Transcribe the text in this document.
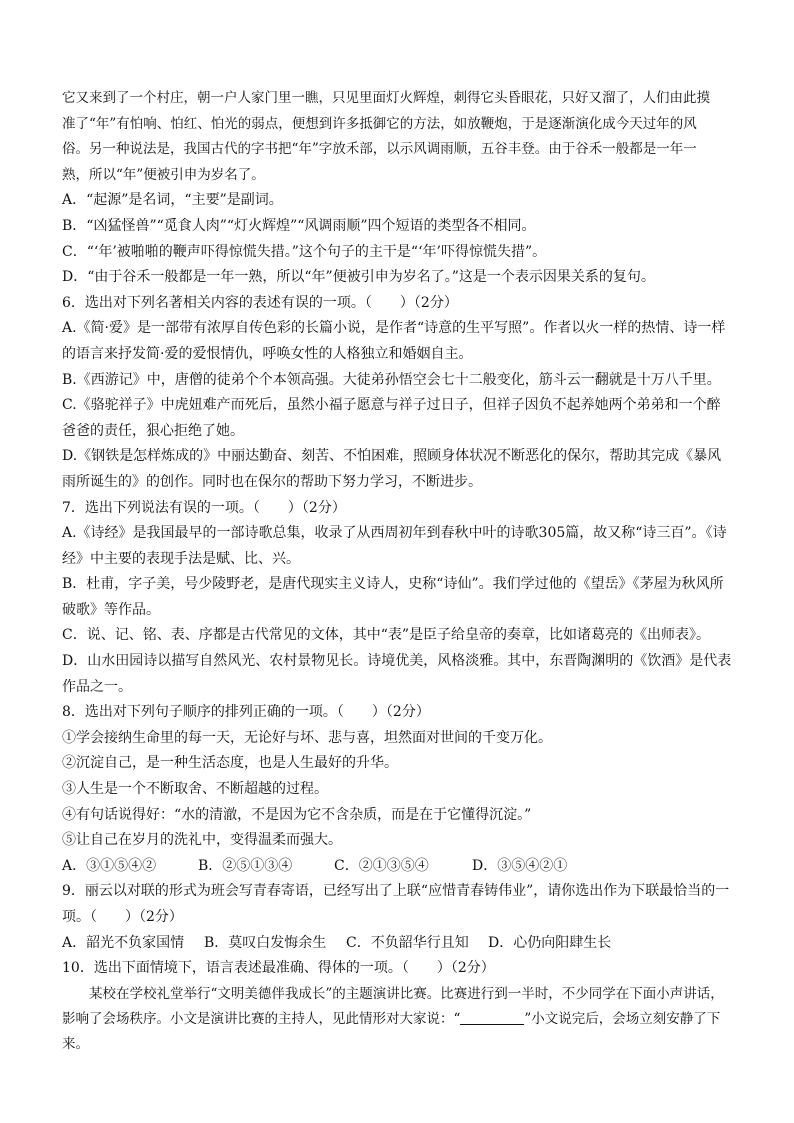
它又来到了一个村庄，朝一户人家门里一瞧，只见里面灯火辉煌，刺得它头昏眼花，只好又溜了，人们由此摸
准了“年”有怕响、怕红、怕光的弱点，便想到许多抵御它的方法，如放鞭炮，于是逐渐演化成今天过年的风
俗。另一种说法是，我国古代的字书把“年”字放禾部，以示风调雨顺，五谷丰登。由于谷禾一般都是一年一
熟，所以“年”便被引申为岁名了。
A．“起源”是名词，“主要”是副词。
B．“凶猛怪兽”“觅食人肉”“灯火辉煌”“风调雨顺”四个短语的类型各不相同。
C．“‘年’被啪啪的鞭声吓得惊慌失措。”这个句子的主干是“‘年’吓得惊慌失措”。
D．“由于谷禾一般都是一年一熟，所以“年”便被引申为岁名了。”这是一个表示因果关系的复句。
6．选出对下列名著相关内容的表述有误的一项。（　　）（2分）
A.《简·爱》是一部带有浓厚自传色彩的长篇小说，是作者“诗意的生平写照”。作者以火一样的热情、诗一样的语言来抒发简·爱的爱恨情仇，呼唤女性的人格独立和婚姻自主。
B.《西游记》中，唐僧的徒弟个个本领高强。大徒弟孙悟空会七十二般变化，筋斗云一翻就是十万八千里。
C.《骆驼祥子》中虎妞难产而死后，虽然小福子愿意与祥子过日子，但祥子因负不起养她两个弟弟和一个醉爸爸的责任，狠心拒绝了她。
D.《钢铁是怎样炼成的》中丽达勤奋、刻苦、不怕困难，照顾身体状况不断恶化的保尔，帮助其完成《暴风雨所诞生的》的创作。同时也在保尔的帮助下努力学习，不断进步。
7．选出下列说法有误的一项。（　　）（2分）
A.《诗经》是我国最早的一部诗歌总集，收录了从西周初年到春秋中叶的诗歌305篇，故又称“诗三百”。《诗经》中主要的表现手法是赋、比、兴。
B．杜甫，字子美，号少陵野老，是唐代现实主义诗人，史称“诗仙”。我们学过他的《望岳》《茅屋为秋风所破歌》等作品。
C．说、记、铭、表、序都是古代常见的文体，其中“表”是臣子给皇帝的奏章，比如诸葛亮的《出师表》。
D．山水田园诗以描写自然风光、农村景物见长。诗境优美，风格淡雅。其中，东晋陶渊明的《饮酒》是代表作品之一。
8．选出对下列句子顺序的排列正确的一项。（　　）（2分）
①学会接纳生命里的每一天，无论好与坏、悲与喜，坦然面对世间的千变万化。
②沉淀自己，是一种生活态度，也是人生最好的升华。
③人生是一个不断取舍、不断超越的过程。
④有句话说得好：“水的清澈，不是因为它不含杂质，而是在于它懂得沉淀。”
⑤让自己在岁月的洗礼中，变得温柔而强大。
A．③①⑤④②	B．②⑤①③④	C．②①③⑤④	D．③⑤④②①
9．丽云以对联的形式为班会写青春寄语，已经写出了上联“应惜青春铸伟业”，请你选出作为下联最恰当的一
项。（　　）（2分）
A．韶光不负家国情 B．莫叹白发悔余生 C．不负韶华行且知 D．心仍向阳肆生长
10．选出下面情境下，语言表述最准确、得体的一项。（　　）（2分）
某校在学校礼堂举行“文明美德伴我成长”的主题演讲比赛。比赛进行到一半时，不少同学在下面小声讲话，影响了会场秩序。小文是演讲比赛的主持人，见此情形对大家说：“	”小文说完后，会场立刻安静了下来。
